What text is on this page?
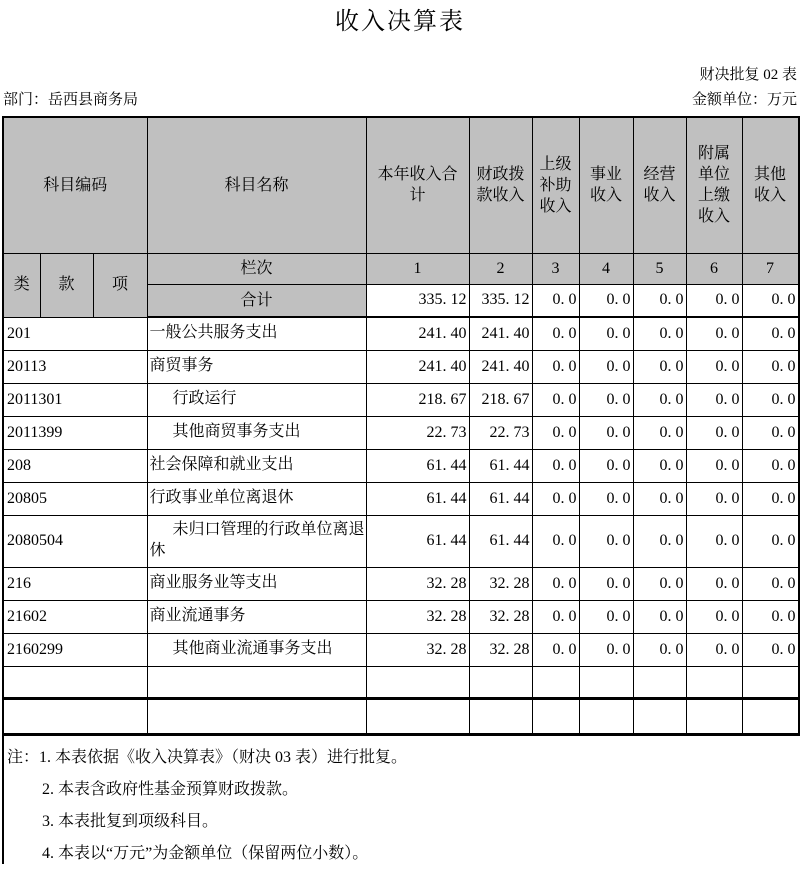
收入决算表
财决批复 02 表
部门：岳西县商务局	金额单位：万元
科目编码			科目名称	本年收入合计	财政拨款收入	上级补助收入	事业收入	经营收入	附属单位上缴收入	其他收入
类	款	项	栏次	1	2	3	4	5	6	7
			合计	335. 12	335. 12	0. 0	0. 0	0. 0	0. 0	0. 0
201			一般公共服务支出	241. 40	241. 40	0. 0	0. 0	0. 0	0. 0	0. 0
20113			商贸事务	241. 40	241. 40	0. 0	0. 0	0. 0	0. 0	0. 0
2011301			行政运行	218. 67	218. 67	0. 0	0. 0	0. 0	0. 0	0. 0
2011399			其他商贸事务支出	22. 73	22. 73	0. 0	0. 0	0. 0	0. 0	0. 0
208			社会保障和就业支出	61. 44	61. 44	0. 0	0. 0	0. 0	0. 0	0. 0
20805			行政事业单位离退休	61. 44	61. 44	0. 0	0. 0	0. 0	0. 0	0. 0
2080504			未归口管理的行政单位离退休	61. 44	61. 44	0. 0	0. 0	0. 0	0. 0	0. 0
216			商业服务业等支出	32. 28	32. 28	0. 0	0. 0	0. 0	0. 0	0. 0
21602			商业流通事务	32. 28	32. 28	0. 0	0. 0	0. 0	0. 0	0. 0
2160299			其他商业流通事务支出	32. 28	32. 28	0. 0	0. 0	0. 0	0. 0	0. 0

注：1. 本表依据《收入决算表》（财决 03 表）进行批复。
2. 本表含政府性基金预算财政拨款。
3. 本表批复到项级科目。
4. 本表以“万元”为金额单位（保留两位小数）。
